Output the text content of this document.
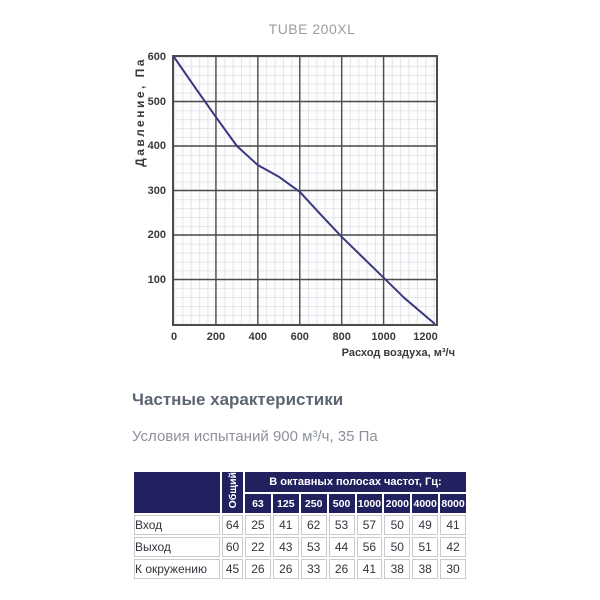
TUBE 200XL
Давление, Па 600
500
400
300
200
100
0	200 400 600 800 1000 1200
Расход воздуха, м³/ч
Частные характеристики
Условия испытаний 900 м³/ч, 35 Па
	Общий	В октавных полосах частот, Гц:							
		63	125	250	500	1000	2000	4000	8000
Вход	64	25	41	62	53	57	50	49	41
Выход	60	22	43	53	44	56	50	51	42
К окружению	45	26	26	33	26	41	38	38	30
